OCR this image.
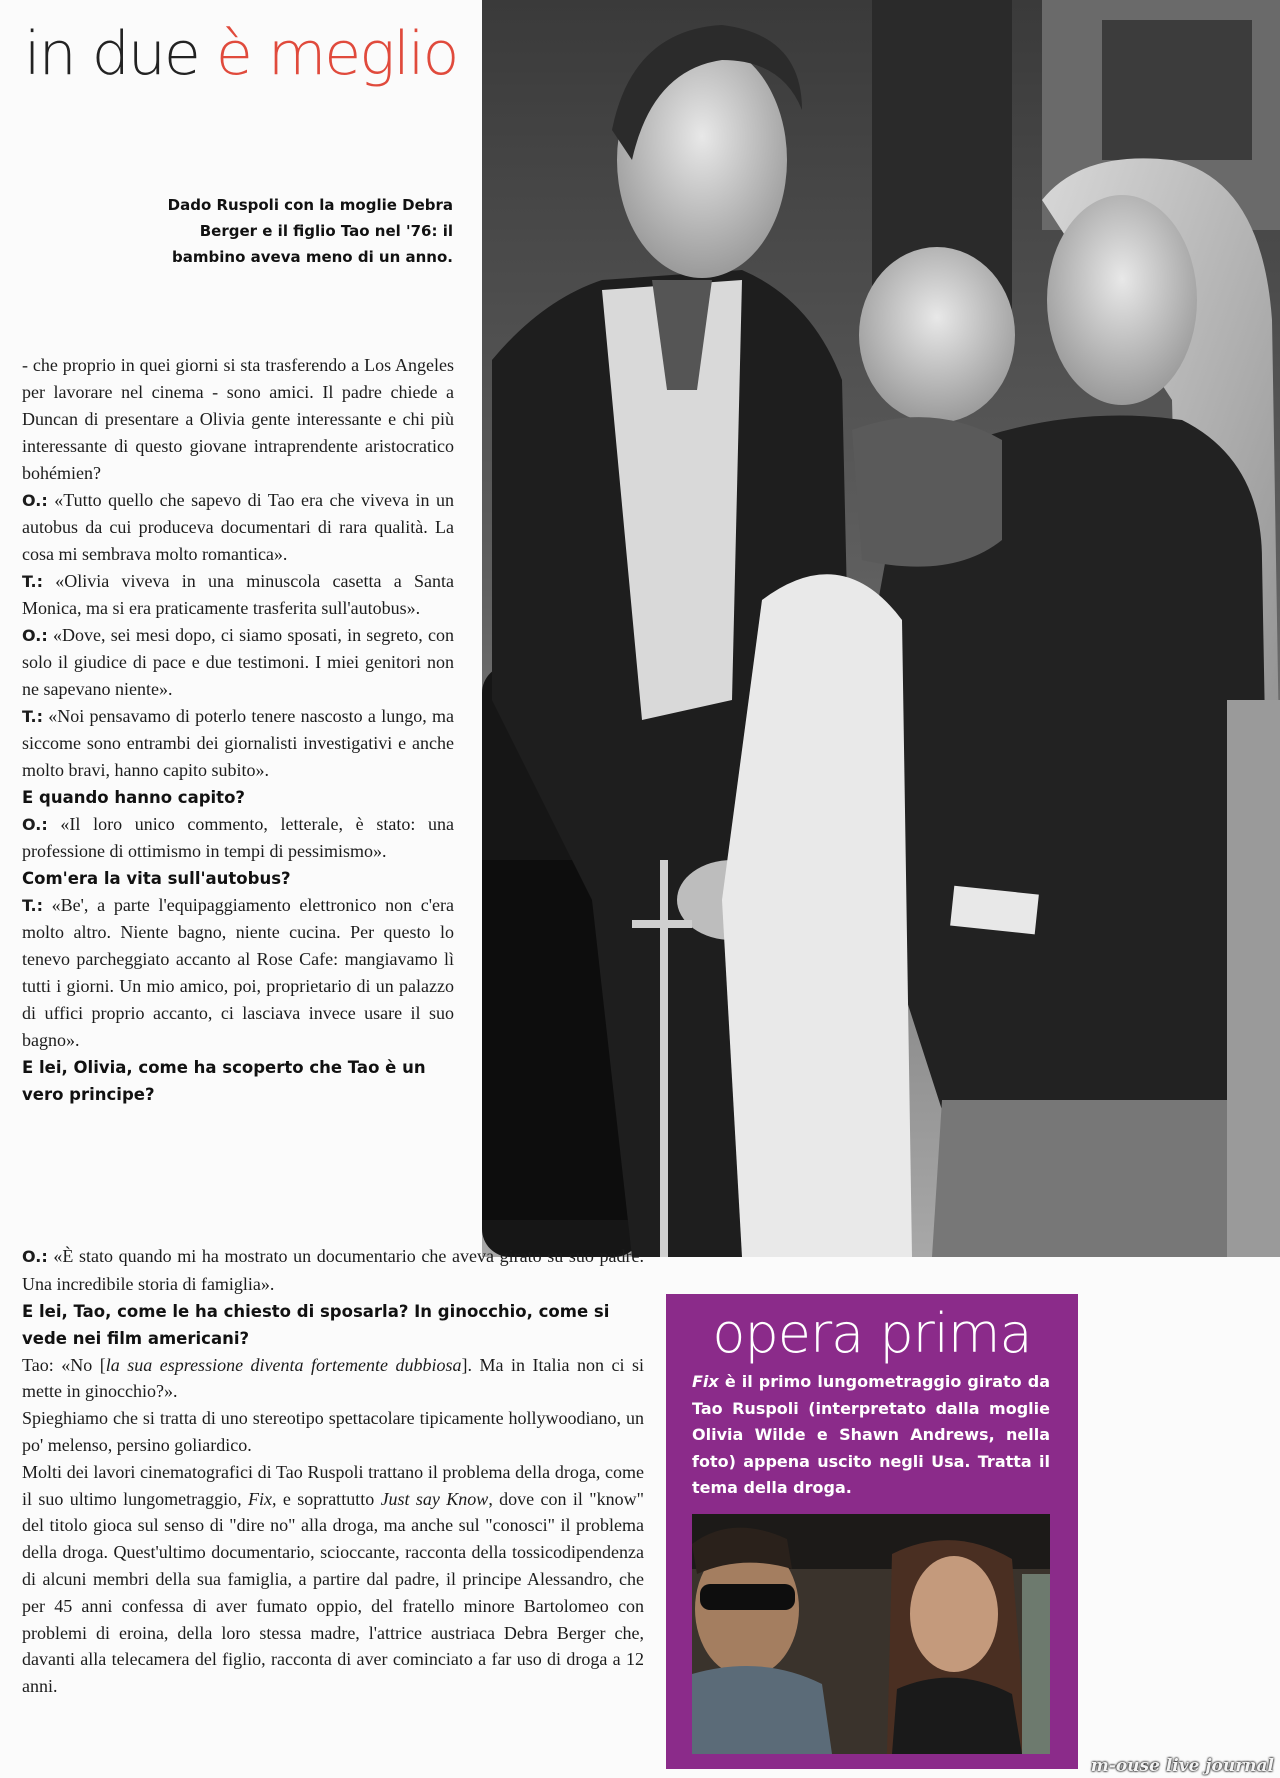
in due è meglio
Dado Ruspoli con la moglie Debra Berger e il figlio Tao nel '76: il bambino aveva meno di un anno.

- che proprio in quei giorni si sta trasferendo a Los Angeles per lavorare nel cinema - sono amici. Il padre chiede a Duncan di presentare a Olivia gente interessante e chi più interessante di questo giovane intraprendente aristocratico bohémien?

O.: «Tutto quello che sapevo di Tao era che viveva in un autobus da cui produceva documentari di rara qualità. La cosa mi sembrava molto romantica».

T.: «Olivia viveva in una minuscola casetta a Santa Monica, ma si era praticamente trasferita sull'autobus».

O.: «Dove, sei mesi dopo, ci siamo sposati, in segreto, con solo il giudice di pace e due testimoni. I miei genitori non ne sapevano niente».

T.: «Noi pensavamo di poterlo tenere nascosto a lungo, ma siccome sono entrambi dei giornalisti investigativi e anche molto bravi, hanno capito subito».

E quando hanno capito?

O.: «Il loro unico commento, letterale, è stato: una professione di ottimismo in tempi di pessimismo».

Com'era la vita sull'autobus?

T.: «Be', a parte l'equipaggiamento elettronico non c'era molto altro. Niente bagno, niente cucina. Per questo lo tenevo parcheggiato accanto al Rose Cafe: mangiavamo lì tutti i giorni. Un mio amico, poi, proprietario di un palazzo di uffici proprio accanto, ci lasciava invece usare il suo bagno».

E lei, Olivia, come ha scoperto che Tao è un vero principe?

O.: «È stato quando mi ha mostrato un documentario che aveva girato su suo padre. Una incredibile storia di famiglia».

E lei, Tao, come le ha chiesto di sposarla? In ginocchio, come si vede nei film americani?

Tao: «No [la sua espressione diventa fortemente dubbiosa]. Ma in Italia non ci si mette in ginocchio?».

Spieghiamo che si tratta di uno stereotipo spettacolare tipicamente hollywoodiano, un po' melenso, persino goliardico.

Molti dei lavori cinematografici di Tao Ruspoli trattano il problema della droga, come il suo ultimo lungometraggio, Fix, e soprattutto Just say Know, dove con il "know" del titolo gioca sul senso di "dire no" alla droga, ma anche sul "conosci" il problema della droga. Quest'ultimo documentario, scioccante, racconta della tossicodipendenza di alcuni membri della sua famiglia, a partire dal padre, il principe Alessandro, che per 45 anni confessa di aver fumato oppio, del fratello minore Bartolomeo con problemi di eroina, della loro stessa madre, l'attrice austriaca Debra Berger che, davanti alla telecamera del figlio, racconta di aver cominciato a far uso di droga a 12 anni.

opera prima

Fix è il primo lungometraggio girato da Tao Ruspoli (interpretato dalla moglie Olivia Wilde e Shawn Andrews, nella foto) appena uscito negli Usa. Tratta il tema della droga.

m-ouse live journal
